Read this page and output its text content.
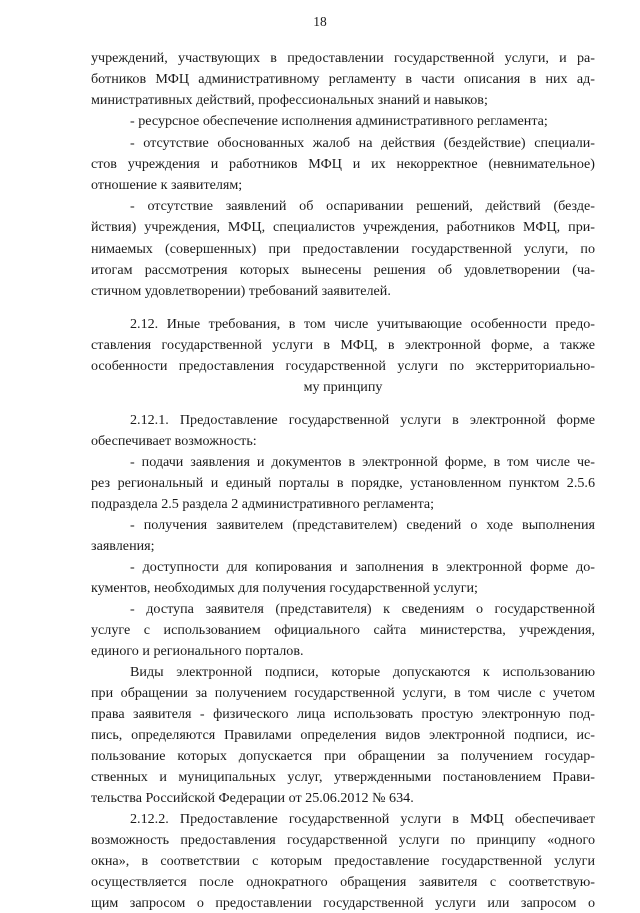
18
учреждений, участвующих в предоставлении государственной услуги, и ра-
ботников МФЦ административному регламенту в части описания в них ад-
министративных действий, профессиональных знаний и навыков;
- ресурсное обеспечение исполнения административного регламента;
- отсутствие обоснованных жалоб на действия (бездействие) специали-
стов учреждения и работников МФЦ и их некорректное (невнимательное)
отношение к заявителям;
- отсутствие заявлений об оспаривании решений, действий (безде-
йствия) учреждения, МФЦ, специалистов учреждения, работников МФЦ, при-
нимаемых (совершенных) при предоставлении государственной услуги, по
итогам рассмотрения которых вынесены решения об удовлетворении (ча-
стичном удовлетворении) требований заявителей.
2.12. Иные требования, в том числе учитывающие особенности предо-
ставления государственной услуги в МФЦ, в электронной форме, а также
особенности предоставления государственной услуги по экстерриториально-
му принципу
2.12.1. Предоставление государственной услуги в электронной форме
обеспечивает возможность:
- подачи заявления и документов в электронной форме, в том числе че-
рез региональный и единый порталы в порядке, установленном пунктом 2.5.6
подраздела 2.5 раздела 2 административного регламента;
- получения заявителем (представителем) сведений о ходе выполнения
заявления;
- доступности для копирования и заполнения в электронной форме до-
кументов, необходимых для получения государственной услуги;
- доступа заявителя (представителя) к сведениям о государственной
услуге с использованием официального сайта министерства, учреждения,
единого и регионального порталов.
Виды электронной подписи, которые допускаются к использованию
при обращении за получением государственной услуги, в том числе с учетом
права заявителя - физического лица использовать простую электронную под-
пись, определяются Правилами определения видов электронной подписи, ис-
пользование которых допускается при обращении за получением государ-
ственных и муниципальных услуг, утвержденными постановлением Прави-
тельства Российской Федерации от 25.06.2012 № 634.
2.12.2. Предоставление государственной услуги в МФЦ обеспечивает
возможность предоставления государственной услуги по принципу «одного
окна», в соответствии с которым предоставление государственной услуги
осуществляется после однократного обращения заявителя с соответствую-
щим запросом о предоставлении государственной услуги или запросом о
